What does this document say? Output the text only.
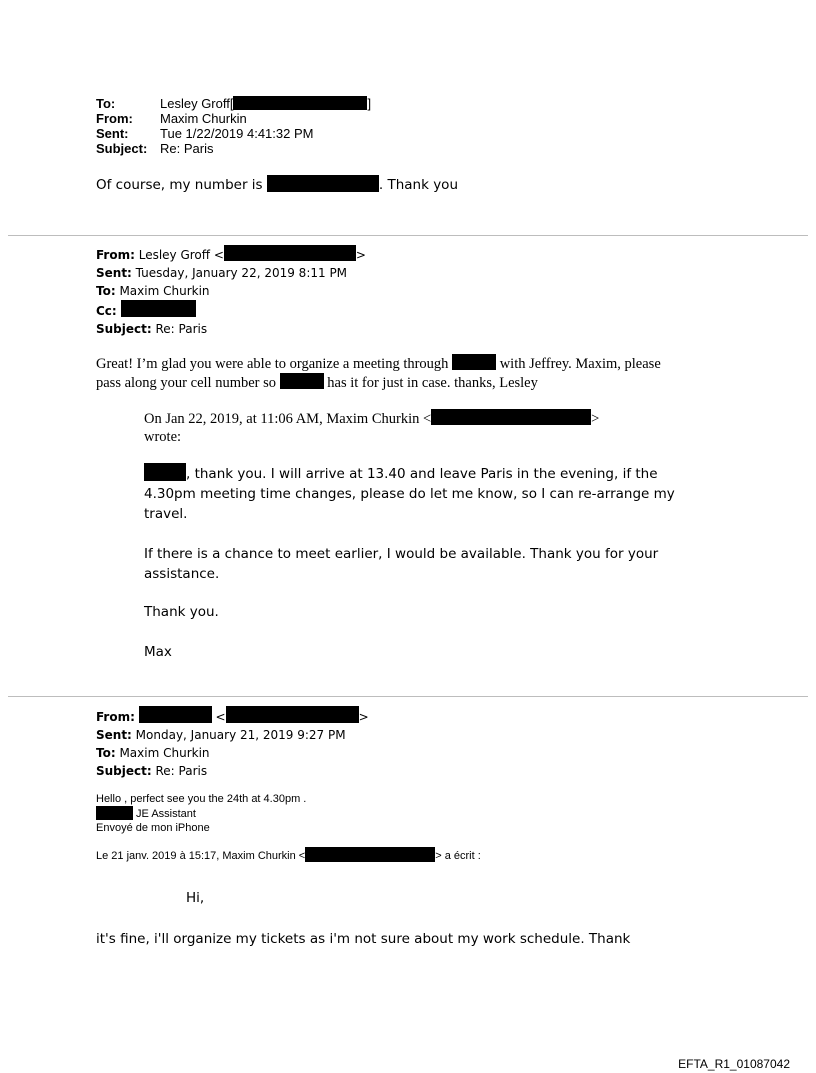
To:	Lesley Groff[	]
From:	Maxim Churkin
Sent:	Tue 1/22/2019 4:41:32 PM
Subject: Re: Paris
Of course, my number is	. Thank you
From: Lesley Groff <	>
Sent: Tuesday, January 22, 2019 8:11 PM
To: Maxim Churkin
Cc:
Subject: Re: Paris
Great! I’m glad you were able to organize a meeting through	with Jeffrey. Maxim, please
pass along your cell number so	has it for just in case. thanks, Lesley
On Jan 22, 2019, at 11:06 AM, Maxim Churkin <	>
wrote:
, thank you. I will arrive at 13.40 and leave Paris in the evening, if the
4.30pm meeting time changes, please do let me know, so I can re-arrange my
travel.
If there is a chance to meet earlier, I would be available. Thank you for your
assistance.
Thank you.
Max
From:	<	>
Sent: Monday, January 21, 2019 9:27 PM
To: Maxim Churkin
Subject: Re: Paris
Hello , perfect see you the 24th at 4.30pm .
JE Assistant
Envoyé de mon iPhone
Le 21 janv. 2019 à 15:17, Maxim Churkin <	> a écrit :
Hi,
it's fine, i'll organize my tickets as i'm not sure about my work schedule. Thank
EFTA_R1_01087042
